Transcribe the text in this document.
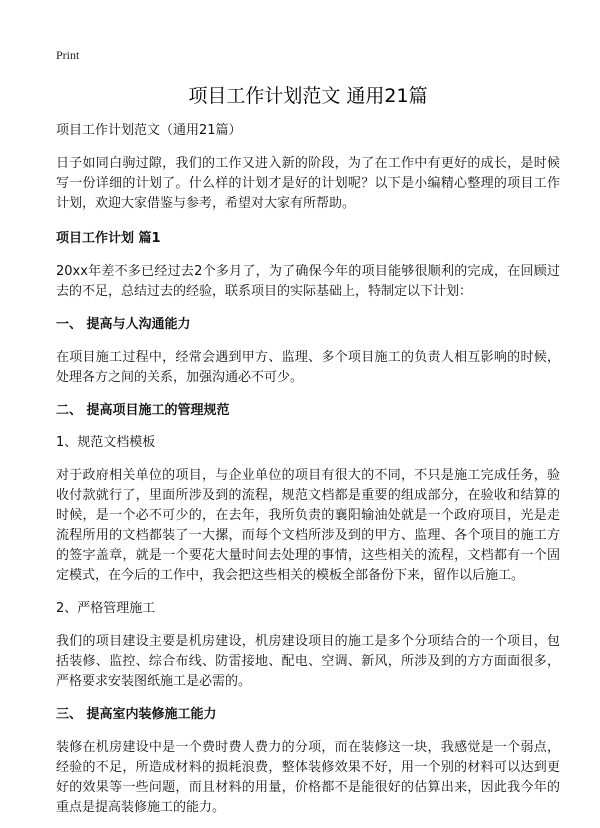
Print

项目工作计划范文 通用21篇

项目工作计划范文（通用21篇）

日子如同白驹过隙，我们的工作又进入新的阶段，为了在工作中有更好的成长，是时候写一份详细的计划了。什么样的计划才是好的计划呢？以下是小编精心整理的项目工作计划，欢迎大家借鉴与参考，希望对大家有所帮助。

项目工作计划 篇1

20xx年差不多已经过去2个多月了，为了确保今年的项目能够很顺利的完成，在回顾过去的不足，总结过去的经验，联系项目的实际基础上，特制定以下计划：

一、 提高与人沟通能力

在项目施工过程中，经常会遇到甲方、监理、多个项目施工的负责人相互影响的时候，处理各方之间的关系，加强沟通必不可少。

二、 提高项目施工的管理规范

1、规范文档模板

对于政府相关单位的项目，与企业单位的项目有很大的不同，不只是施工完成任务，验收付款就行了，里面所涉及到的流程，规范文档都是重要的组成部分，在验收和结算的时候，是一个必不可少的，在去年，我所负责的襄阳输油处就是一个政府项目，光是走流程所用的文档都装了一大摞，而每个文档所涉及到的甲方、监理、各个项目的施工方的签字盖章，就是一个要花大量时间去处理的事情，这些相关的流程，文档都有一个固定模式，在今后的工作中，我会把这些相关的模板全部备份下来，留作以后施工。

2、严格管理施工

我们的项目建设主要是机房建设，机房建设项目的施工是多个分项结合的一个项目，包括装修、监控、综合布线、防雷接地、配电、空调、新风，所涉及到的方方面面很多，严格要求安装图纸施工是必需的。

三、 提高室内装修施工能力

装修在机房建设中是一个费时费人费力的分项，而在装修这一块，我感觉是一个弱点，经验的不足，所造成材料的损耗浪费，整体装修效果不好，用一个别的材料可以达到更好的效果等一些问题，而且材料的用量，价格都不是能很好的估算出来，因此我今年的重点是提高装修施工的能力。
